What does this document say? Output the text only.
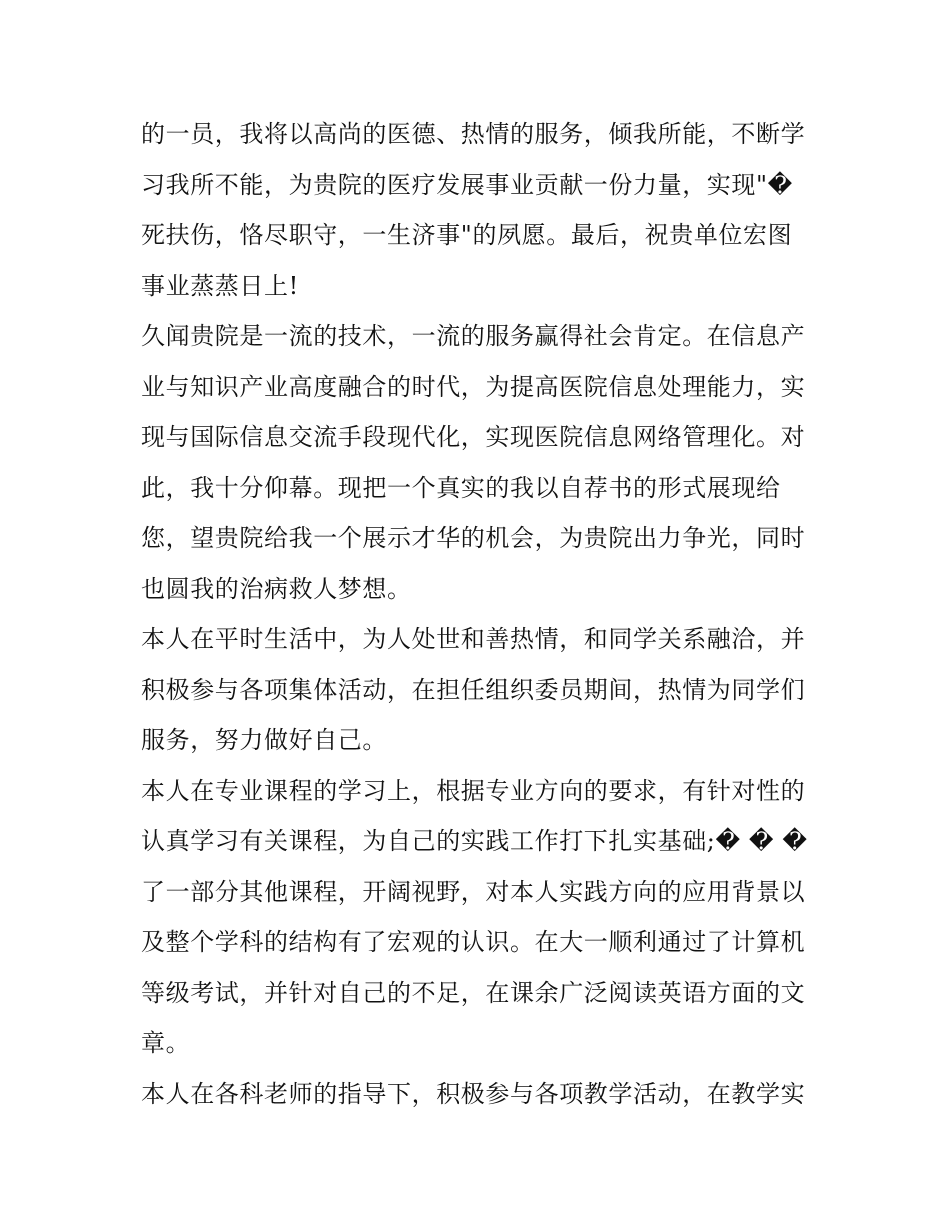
的一员，我将以高尚的医德、热情的服务，倾我所能，不断学
习我所不能，为贵院的医疗发展事业贡献一份力量，实现"�
死扶伤，恪尽职守，一生济事"的夙愿。最后，祝贵单位宏图
事业蒸蒸日上!
久闻贵院是一流的技术，一流的服务赢得社会肯定。在信息产
业与知识产业高度融合的时代，为提高医院信息处理能力，实
现与国际信息交流手段现代化，实现医院信息网络管理化。对
此，我十分仰幕。现把一个真实的我以自荐书的形式展现给
您，望贵院给我一个展示才华的机会，为贵院出力争光，同时
也圆我的治病救人梦想。
本人在平时生活中，为人处世和善热情，和同学关系融洽，并
积极参与各项集体活动，在担任组织委员期间，热情为同学们
服务，努力做好自己。
本人在专业课程的学习上，根据专业方向的要求，有针对性的
认真学习有关课程，为自己的实践工作打下扎实基础;� � �
了一部分其他课程，开阔视野，对本人实践方向的应用背景以
及整个学科的结构有了宏观的认识。在大一顺利通过了计算机
等级考试，并针对自己的不足，在课余广泛阅读英语方面的文
章。
本人在各科老师的指导下，积极参与各项教学活动，在教学实
